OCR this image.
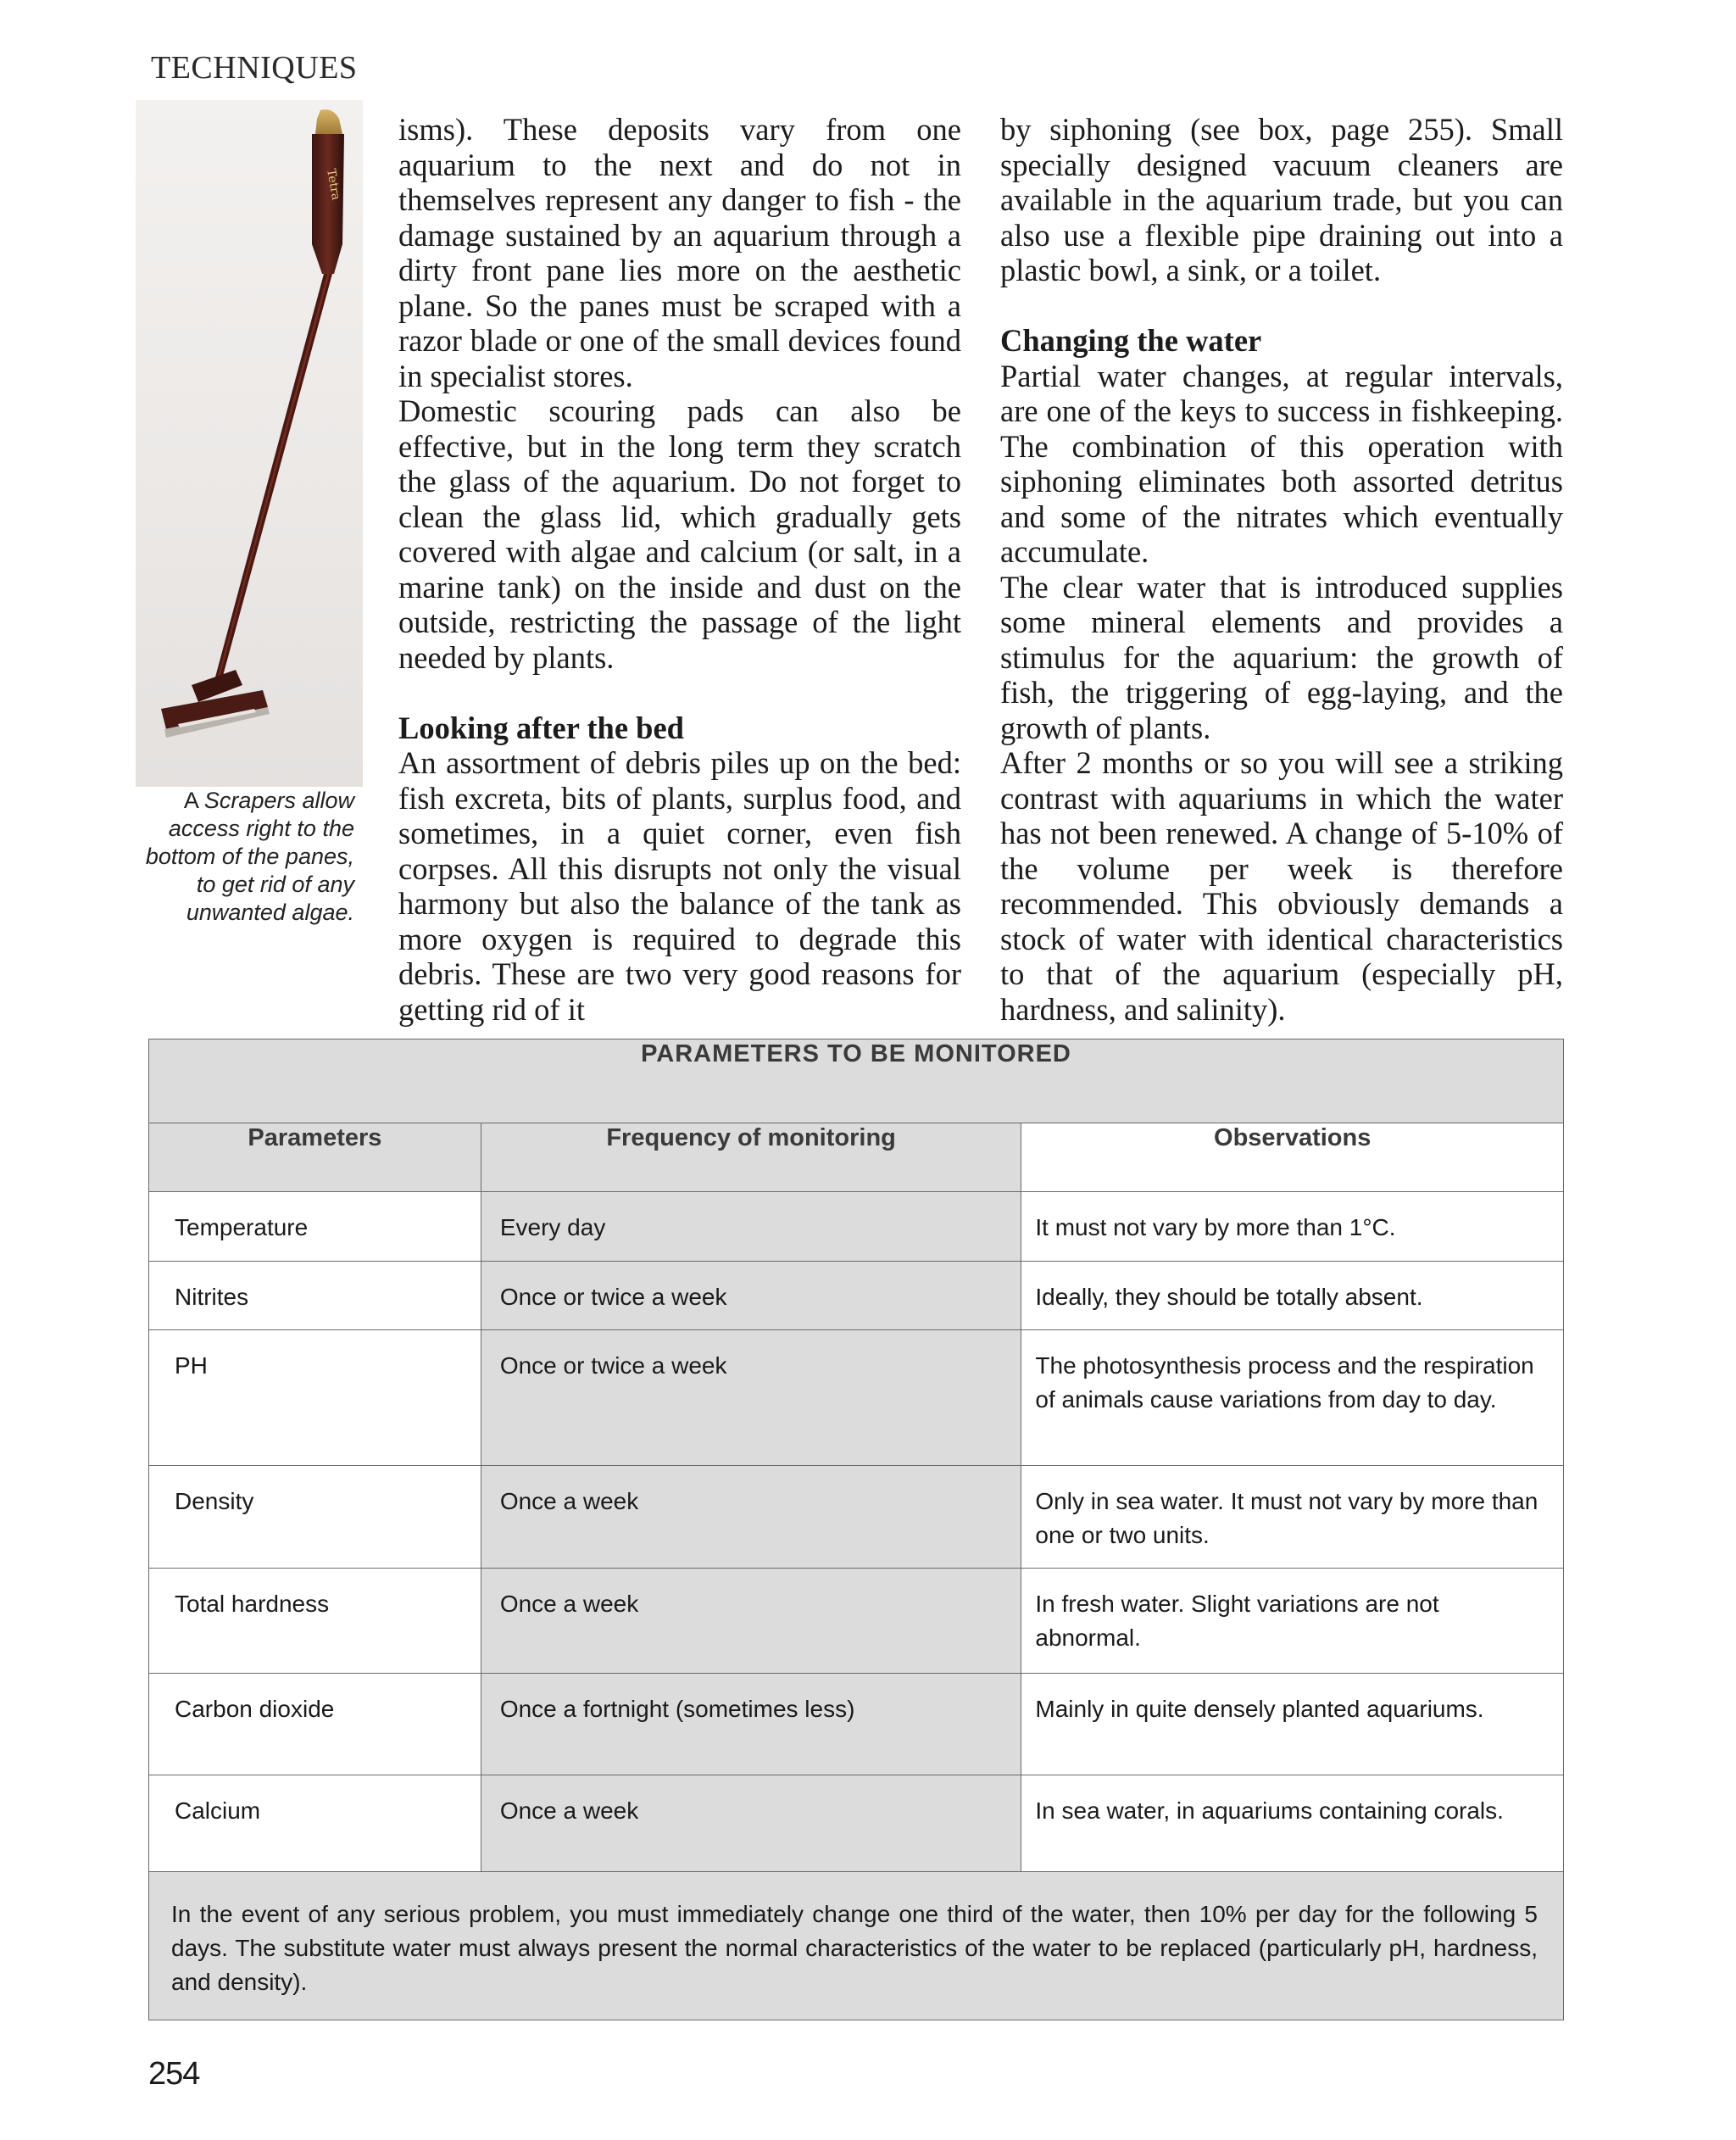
TECHNIQUES
Tetra
A Scrapers allow access right to the bottom of the panes, to get rid of any unwanted algae.

isms). These deposits vary from one aquarium to the next and do not in themselves represent any danger to fish - the damage sustained by an aquarium through a dirty front pane lies more on the aesthetic plane. So the panes must be scraped with a razor blade or one of the small devices found in specialist stores.

Domestic scouring pads can also be effective, but in the long term they scratch the glass of the aquarium. Do not forget to clean the glass lid, which gradually gets covered with algae and calcium (or salt, in a marine tank) on the inside and dust on the outside, restricting the passage of the light needed by plants.

Looking after the bed

An assortment of debris piles up on the bed: fish excreta, bits of plants, surplus food, and sometimes, in a quiet corner, even fish corpses. All this disrupts not only the visual harmony but also the balance of the tank as more oxygen is required to degrade this debris. These are two very good reasons for getting rid of it

by siphoning (see box, page 255). Small specially designed vacuum cleaners are available in the aquarium trade, but you can also use a flexible pipe draining out into a plastic bowl, a sink, or a toilet.

Changing the water

Partial water changes, at regular intervals, are one of the keys to success in fishkeeping. The combination of this operation with siphoning eliminates both assorted detritus and some of the nitrates which eventually accumulate.

The clear water that is introduced supplies some mineral elements and provides a stimulus for the aquarium: the growth of fish, the triggering of egg-laying, and the growth of plants.

After 2 months or so you will see a striking contrast with aquariums in which the water has not been renewed. A change of 5-10% of the volume per week is therefore recommended. This obviously demands a stock of water with identical characteristics to that of the aquarium (especially pH, hardness, and salinity).

PARAMETERS TO BE MONITORED		
Parameters	Frequency of monitoring	Observations
Temperature	Every day	It must not vary by more than 1°C.
Nitrites	Once or twice a week	Ideally, they should be totally absent.
PH	Once or twice a week	The photosynthesis process and the respiration of animals cause variations from day to day.
Density	Once a week	Only in sea water. It must not vary by more than one or two units.
Total hardness	Once a week	In fresh water. Slight variations are not abnormal.
Carbon dioxide	Once a fortnight (sometimes less)	Mainly in quite densely planted aquariums.
Calcium	Once a week	In sea water, in aquariums containing corals.
In the event of any serious problem, you must immediately change one third of the water, then 10% per day for the following 5 days. The substitute water must always present the normal characteristics of the water to be replaced (particularly pH, hardness, and density).		
254
